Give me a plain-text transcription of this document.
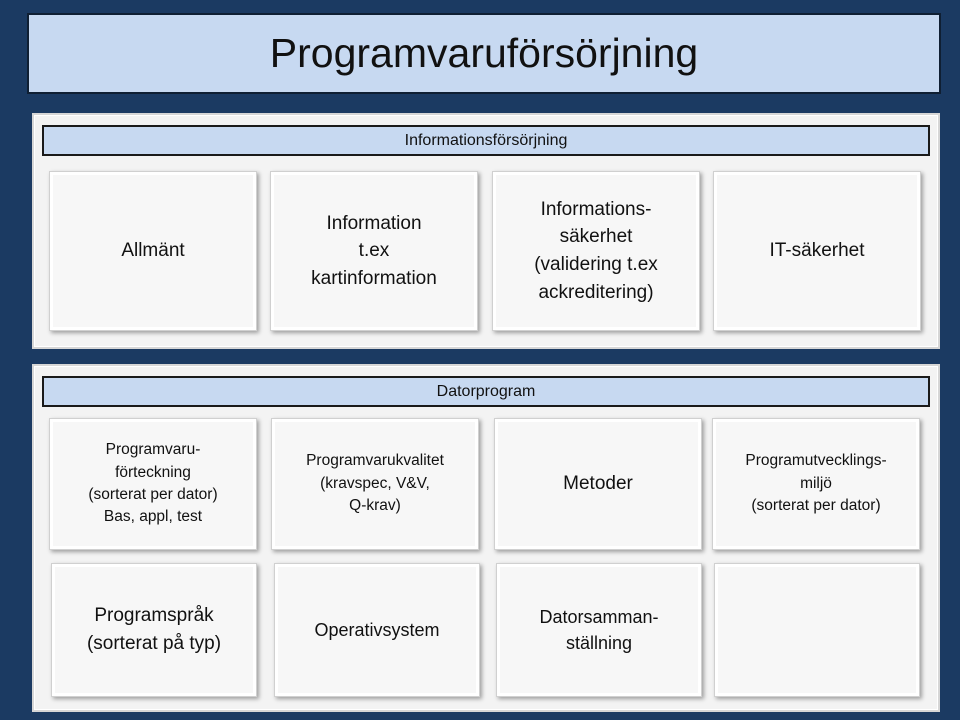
Programvaruförsörjning
Informationsförsörjning
Allmänt
Information
t.ex
kartinformation
Informations-
säkerhet
(validering t.ex
ackreditering)
IT-säkerhet
Datorprogram
Programvaru-
förteckning
(sorterat per dator)
Bas, appl, test
Programvarukvalitet
(kravspec, V&V,
Q-krav)
Metoder
Programutvecklings-
miljö
(sorterat per dator)
Programspråk
(sorterat på typ)
Operativsystem
Datorsamman-
ställning
